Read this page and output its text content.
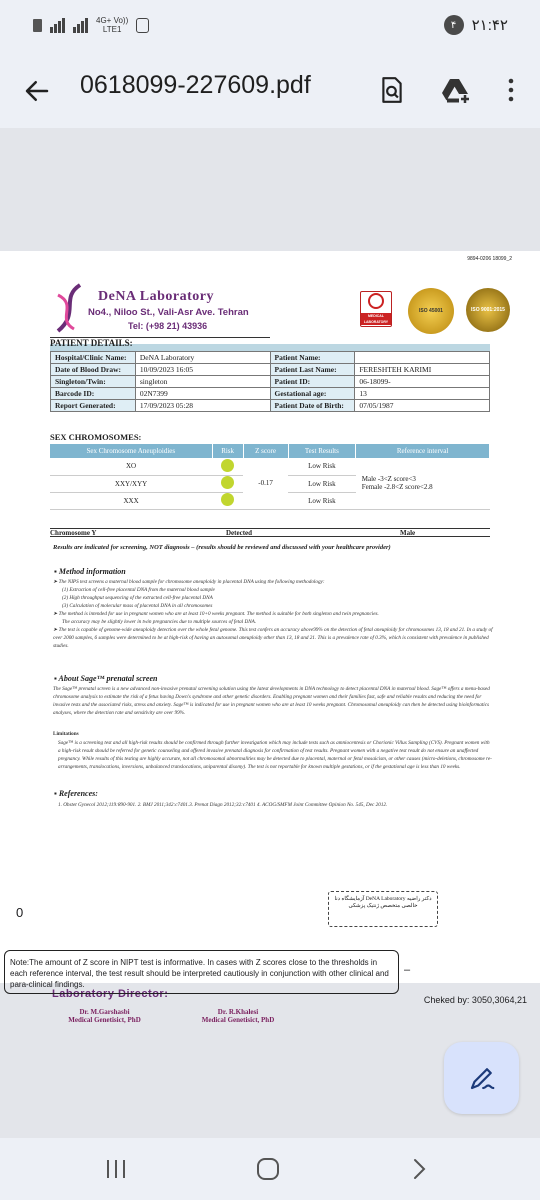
4G+ Vo))
LTE1	۴	۲۱:۴۲
0618099-227609.pdf
9894-0206 18099_2
DeNA Laboratory
No4., Niloo St., Vali-Asr Ave. Tehran
Tel: (+98 21) 43936
MEDICAL LABORATORY
ISO 45001	ISO 9001:2015
PATIENT DETAILS:
Hospital/Clinic Name:	DeNA Laboratory	Patient Name:	
Date of Blood Draw:	10/09/2023 16:05	Patient Last Name:	FERESHTEH KARIMI
Singleton/Twin:	singleton	Patient ID:	06-18099-
Barcode ID:	02N7399	Gestational age:	13
Report Generated:	17/09/2023 05:28	Patient Date of Birth:	07/05/1987
SEX CHROMOSOMES:
Sex Chromosome Aneuploidies	Risk	Z score	Test Results	Reference interval
XO		-0.17	Low Risk	Male -3<Z score<3
Female -2.8<Z score<2.8

XXY/XYY			Low Risk	
XXX			Low Risk	
Chromosome Y	Detected	Male
Results are indicated for screening, NOT diagnosis – (results should be reviewed and discussed with your healthcare provider)
▪ Method information
➤ The NIPS test screens a maternal blood sample for chromosome aneuploidy in placental DNA using the following methodology:
(1) Extraction of cell-free placental DNA from the maternal blood sample
(2) High throughput sequencing of the extracted cell-free placental DNA
(3) Calculation of molecular mass of placental DNA in all chromosomes
➤ The method is intended for use in pregnant women who are at least 10+0 weeks pregnant. The method is suitable for both singleton and twin pregnancies.
The accuracy may be slightly lower in twin pregnancies due to multiple sources of fetal DNA.
➤ The test is capable of genome-wide aneuploidy detection over the whole fetal genome. This test confers an accuracy above99% on the detection of fetal aneuploidy for chromosomes 13, 18 and 21. In a study of over 2000 samples, 6 samples were determined to be at high-risk of having an autosomal aneuploidy other than 13, 18 and 21. This is a prevalence rate of 0.3%, which is consistent with prevalence in published studies.
▪ About Sage™ prenatal screen
The Sage™ prenatal screen is a new advanced non-invasive prenatal screening solution using the latest developments in DNA technology to detect placental DNA in maternal blood. Sage™ offers a menu-based chromosome analysis to estimate the risk of a fetus having Down's syndrome and other genetic disorders. Enabling pregnant women and their families fast, safe and reliable results and reducing the need for invasive tests and the associated risks, stress and anxiety. Sage™ is indicated for use in pregnant women who are at least 10 weeks pregnant. Chromosomal aneuploidy can then be detected using bioinformatics analyses, where the detection rate and sensitivity are over 99%.
Limitations
Sage™ is a screening test and all high-risk results should be confirmed through further investigation which may include tests such as amniocentesis or Chorionic Villus Sampling (CVS). Pregnant women with a high-risk result should be referred for genetic counseling and offered invasive prenatal diagnosis for confirmation of test results. Pregnant women with a negative test result do not ensure an unaffected pregnancy. While results of this testing are highly accurate, not all chromosomal abnormalities may be detected due to placental, maternal or fetal mosaicism, or other causes (micro-deletions, chromosome re-arrangements, translocations, inversions, unbalanced translocations, uniparental disomy). The test is not reportable for known multiple gestations, or if the gestational age is less than 10 weeks.
▪ References:
1. Obstet Gynecol 2012;119:890-901. 2. BMJ 2011;342:c7401.3. Prenat Diagn 2012;32:c7401 4. ACOG/SMFM Joint Committee Opinion No. 545, Dec 2012.
Laboratory Director:
Dr. M.Garshasbi
Medical Genetisict, PhD
Dr. R.Khalesi
Medical Genetisict, PhD
آزمایشگاه دنا DeNA Laboratory دکتر راضیه خالصی متخصص ژنتیک پزشکی
0
Note:The amount of Z score in NIPT test is informative. In cases with Z scores close to the thresholds in each reference interval, the test result should be interpreted cautiously in conjunction with other clinical and para-clinical findings.
–
Cheked by: 3050,3064,21
